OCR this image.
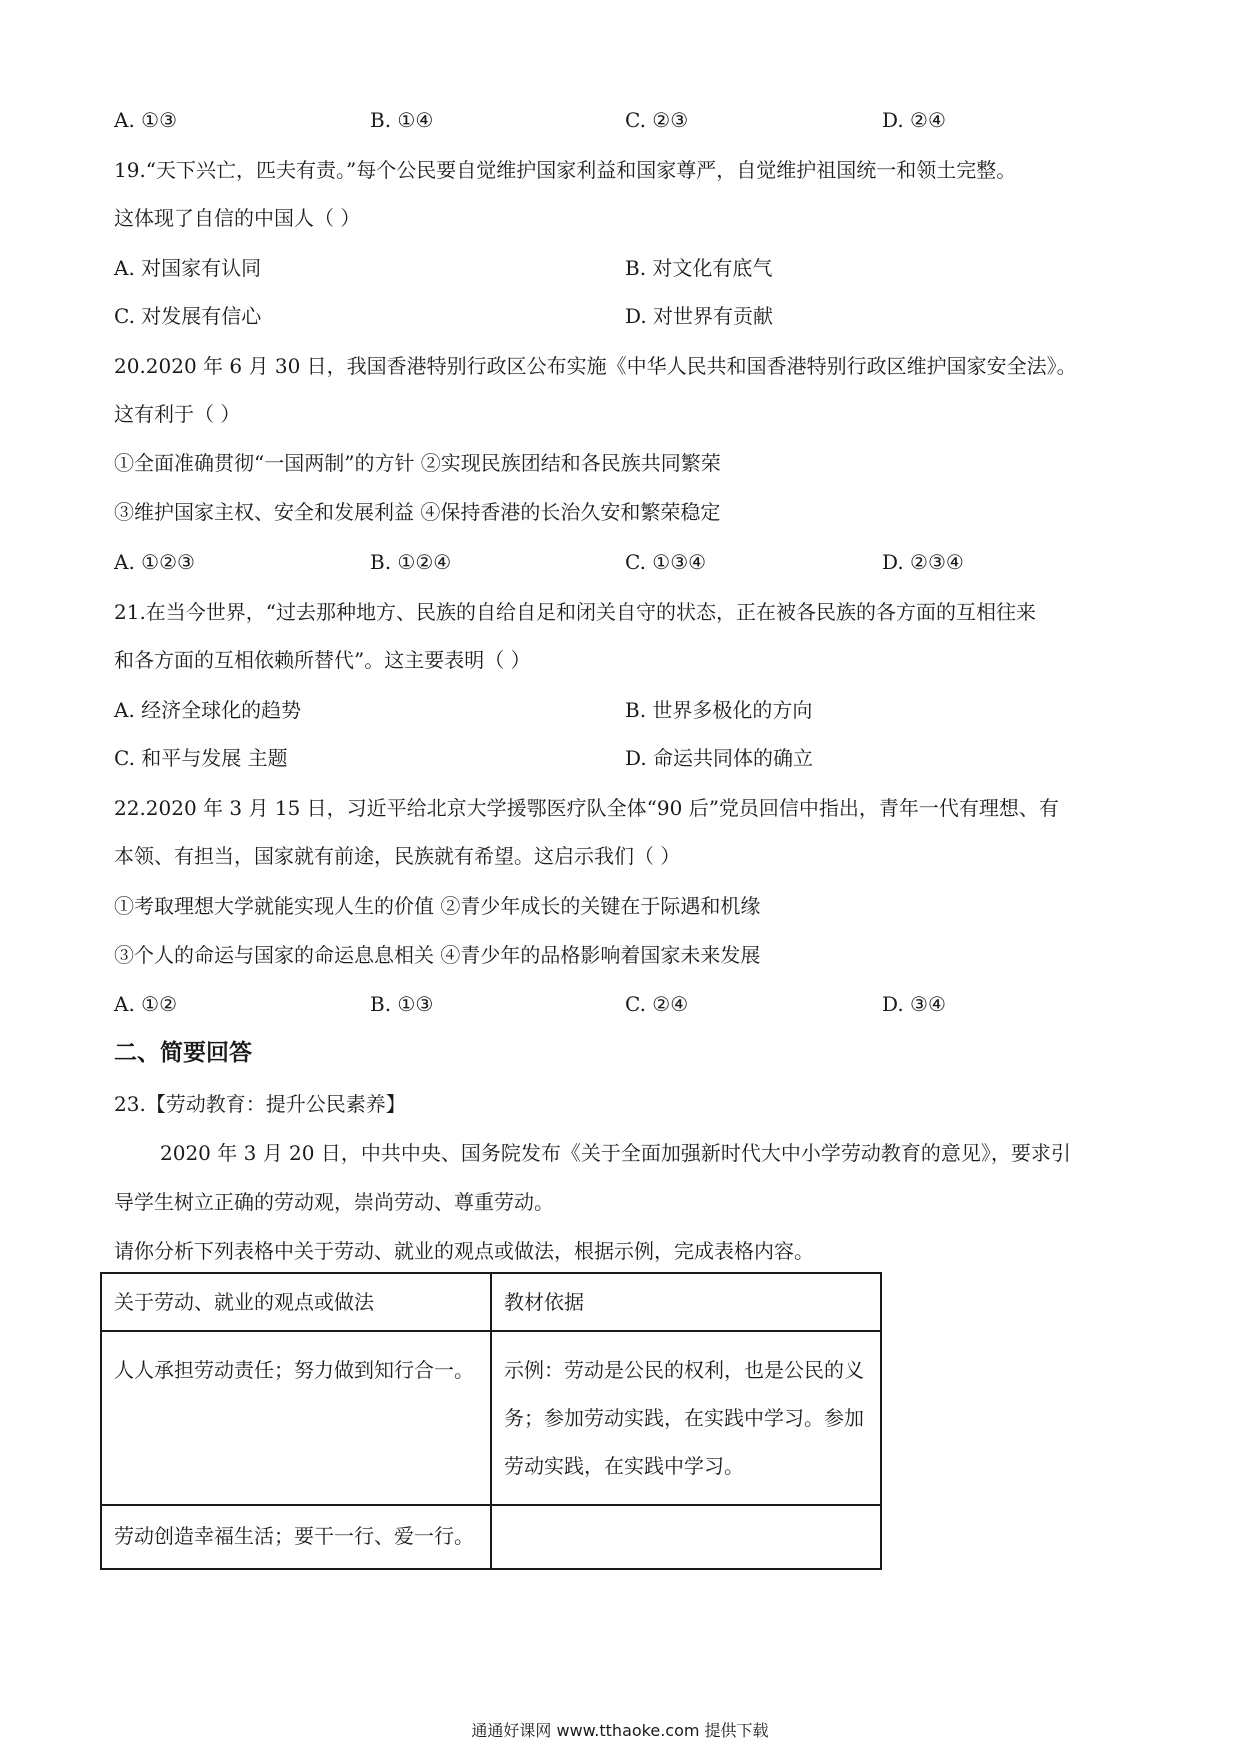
A. ①③	B. ①④	C. ②③	D. ②④
19.“天下兴亡，匹夫有责。”每个公民要自觉维护国家利益和国家尊严，自觉维护祖国统一和领土完整。
这体现了自信的中国人（ ）
A. 对国家有认同	B. 对文化有底气
C. 对发展有信心	D. 对世界有贡献
20.2020 年 6 月 30 日，我国香港特别行政区公布实施《中华人民共和国香港特别行政区维护国家安全法》。
这有利于（ ）
①全面准确贯彻“一国两制”的方针 ②实现民族团结和各民族共同繁荣
③维护国家主权、安全和发展利益 ④保持香港的长治久安和繁荣稳定
A. ①②③	B. ①②④	C. ①③④	D. ②③④
21.在当今世界，“过去那种地方、民族的自给自足和闭关自守的状态，正在被各民族的各方面的互相往来
和各方面的互相依赖所替代”。这主要表明（ ）
A. 经济全球化的趋势	B. 世界多极化的方向
C. 和平与发展 主题	D. 命运共同体的确立
22.2020 年 3 月 15 日，习近平给北京大学援鄂医疗队全体“90 后”党员回信中指出，青年一代有理想、有
本领、有担当，国家就有前途，民族就有希望。这启示我们（ ）
①考取理想大学就能实现人生的价值 ②青少年成长的关键在于际遇和机缘
③个人的命运与国家的命运息息相关 ④青少年的品格影响着国家未来发展
A. ①②	B. ①③	C. ②④	D. ③④
二、简要回答
23.【劳动教育：提升公民素养】
2020 年 3 月 20 日，中共中央、国务院发布《关于全面加强新时代大中小学劳动教育的意见》，要求引
导学生树立正确的劳动观，崇尚劳动、尊重劳动。
请你分析下列表格中关于劳动、就业的观点或做法，根据示例，完成表格内容。
关于劳动、就业的观点或做法	教材依据
人人承担劳动责任；努力做到知行合一。	示例：劳动是公民的权利，也是公民的义务；参加劳动实践，在实践中学习。参加劳动实践，在实践中学习。
劳动创造幸福生活；要干一行、爱一行。	
通通好课网 www.tthaoke.com 提供下载
